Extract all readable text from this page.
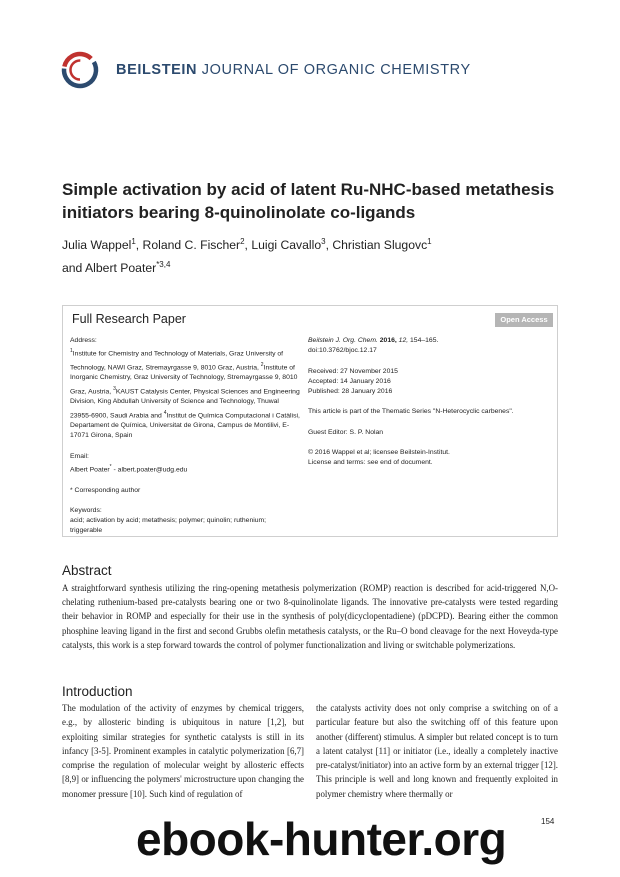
BEILSTEIN JOURNAL OF ORGANIC CHEMISTRY
Simple activation by acid of latent Ru-NHC-based metathesis initiators bearing 8-quinolinolate co-ligands
Julia Wappel$^1$, Roland C. Fischer$^2$, Luigi Cavallo$^3$, Christian Slugovc$^1$
and Albert Poater$^{*3,4}$
Full Research Paper	Open Access

Address:

$^1$Institute for Chemistry and Technology of Materials, Graz University of Technology, NAWI Graz, Stremayrgasse 9, 8010 Graz, Austria, $^2$Institute of Inorganic Chemistry, Graz University of Technology, Stremayrgasse 9, 8010 Graz, Austria, $^3$KAUST Catalysis Center, Physical Sciences and Engineering Division, King Abdullah University of Science and Technology, Thuwal 23955-6900, Saudi Arabia and $^4$Institut de Química Computacional i Catàlisi, Departament de Química, Universitat de Girona, Campus de Montilivi, E-17071 Girona, Spain

Email:

Albert Poater* - albert.poater@udg.edu

* Corresponding author

Keywords:

acid; activation by acid; metathesis; polymer; quinolin; ruthenium; triggerable

Beilstein J. Org. Chem. 2016, 12, 154–165.

doi:10.3762/bjoc.12.17

Received: 27 November 2015

Accepted: 14 January 2016

Published: 28 January 2016

This article is part of the Thematic Series "N-Heterocyclic carbenes".

Guest Editor: S. P. Nolan

© 2016 Wappel et al; licensee Beilstein-Institut.

License and terms: see end of document.

Abstract
A straightforward synthesis utilizing the ring-opening metathesis polymerization (ROMP) reaction is described for acid-triggered N,O-chelating ruthenium-based pre-catalysts bearing one or two 8-quinolinolate ligands. The innovative pre-catalysts were tested regarding their behavior in ROMP and especially for their use in the synthesis of poly(dicyclopentadiene) (pDCPD). Bearing either the common phosphine leaving ligand in the first and second Grubbs olefin metathesis catalysts, or the Ru–O bond cleavage for the next Hoveyda-type catalysts, this work is a step forward towards the control of polymer functionalization and living or switchable polymerizations.
Introduction
The modulation of the activity of enzymes by chemical triggers, e.g., by allosteric binding is ubiquitous in nature [1,2], but exploiting similar strategies for synthetic catalysts is still in its infancy [3-5]. Prominent examples in catalytic polymerization [6,7] comprise the regulation of molecular weight by allosteric effects [8,9] or influencing the polymers' microstructure upon changing the monomer pressure [10]. Such kind of regulation of
the catalysts activity does not only comprise a switching on of a particular feature but also the switching off of this feature upon another (different) stimulus. A simpler but related concept is to turn a latent catalyst [11] or initiator (i.e., ideally a completely inactive pre-catalyst/initiator) into an active form by an external trigger [12]. This principle is well and long known and frequently exploited in polymer chemistry where thermally or
154
ebook-hunter.org
